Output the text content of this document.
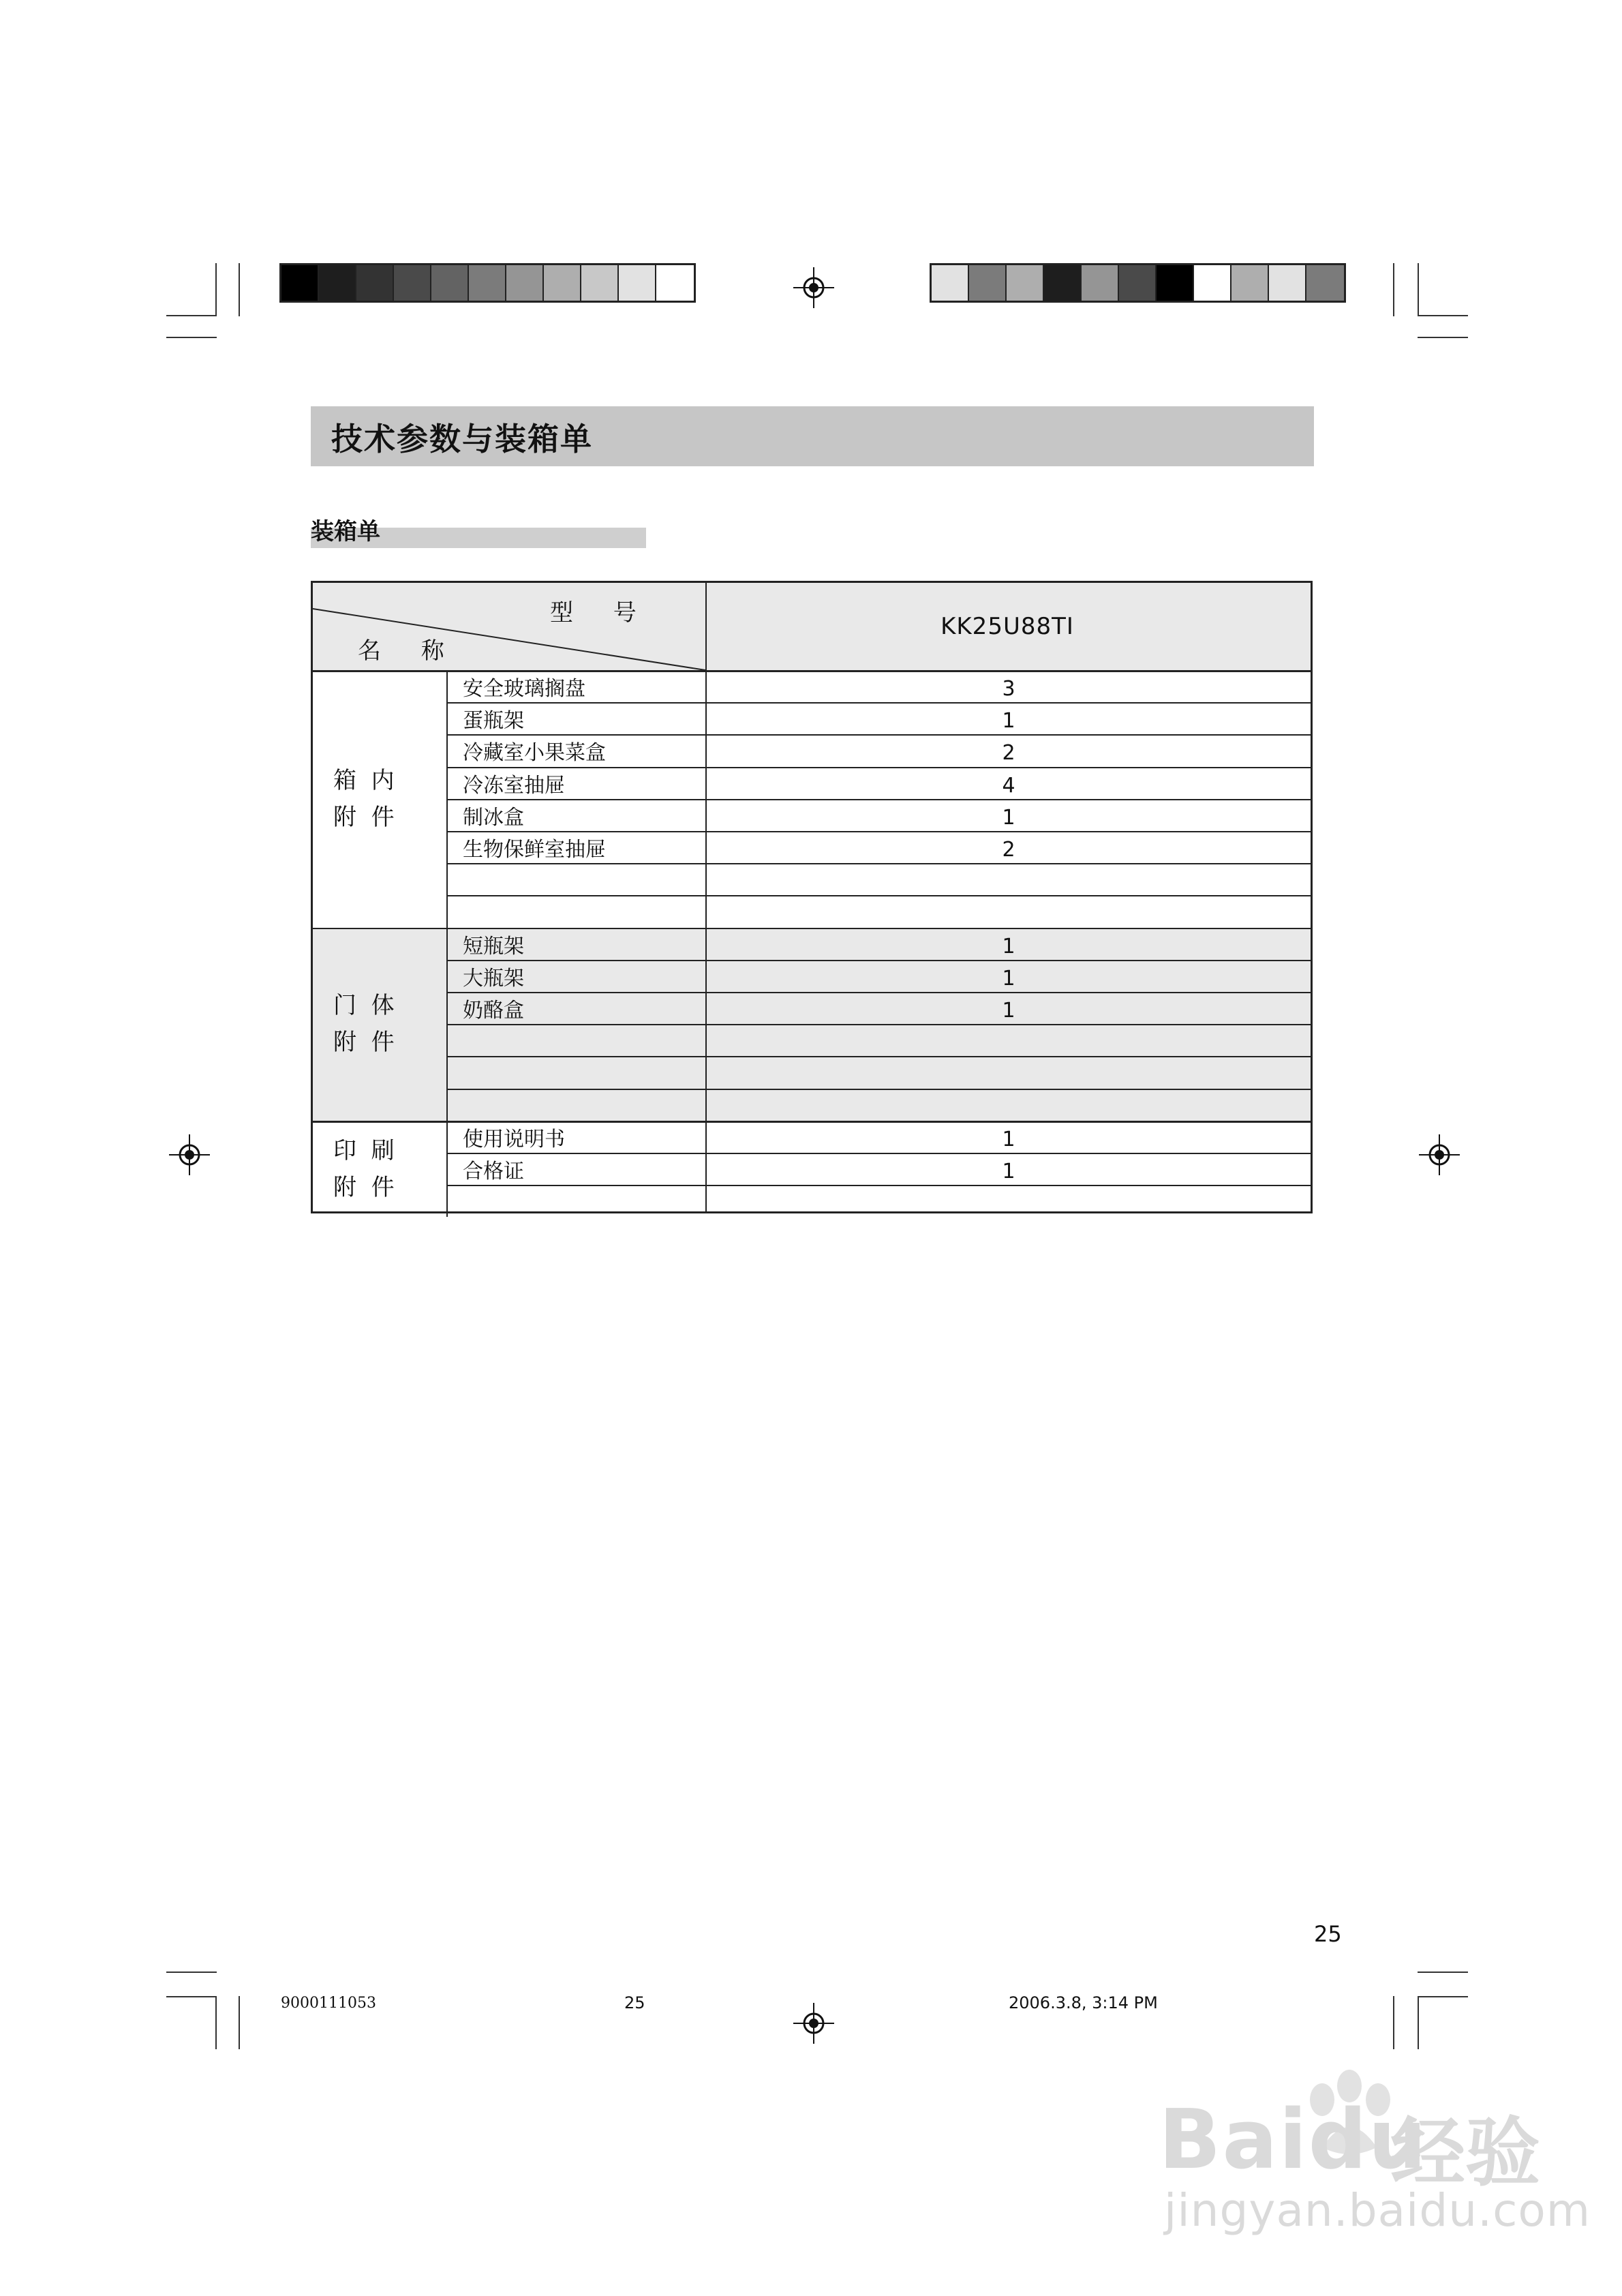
技术参数与装箱单
装箱单
型 号
名 称
KK25U88TI
箱  内
附  件
安全玻璃搁盘	3
蛋瓶架	1
冷藏室小果菜盒	2
冷冻室抽屉	4
制冰盒	1
生物保鲜室抽屉	2
门  体
附  件
短瓶架	1
大瓶架	1
奶酪盒	1
印  刷
附  件
使用说明书	1
合格证	1
25
9000111053	25	2006.3.8, 3:14 PM
Baidu
经验
jingyan.baidu.com
